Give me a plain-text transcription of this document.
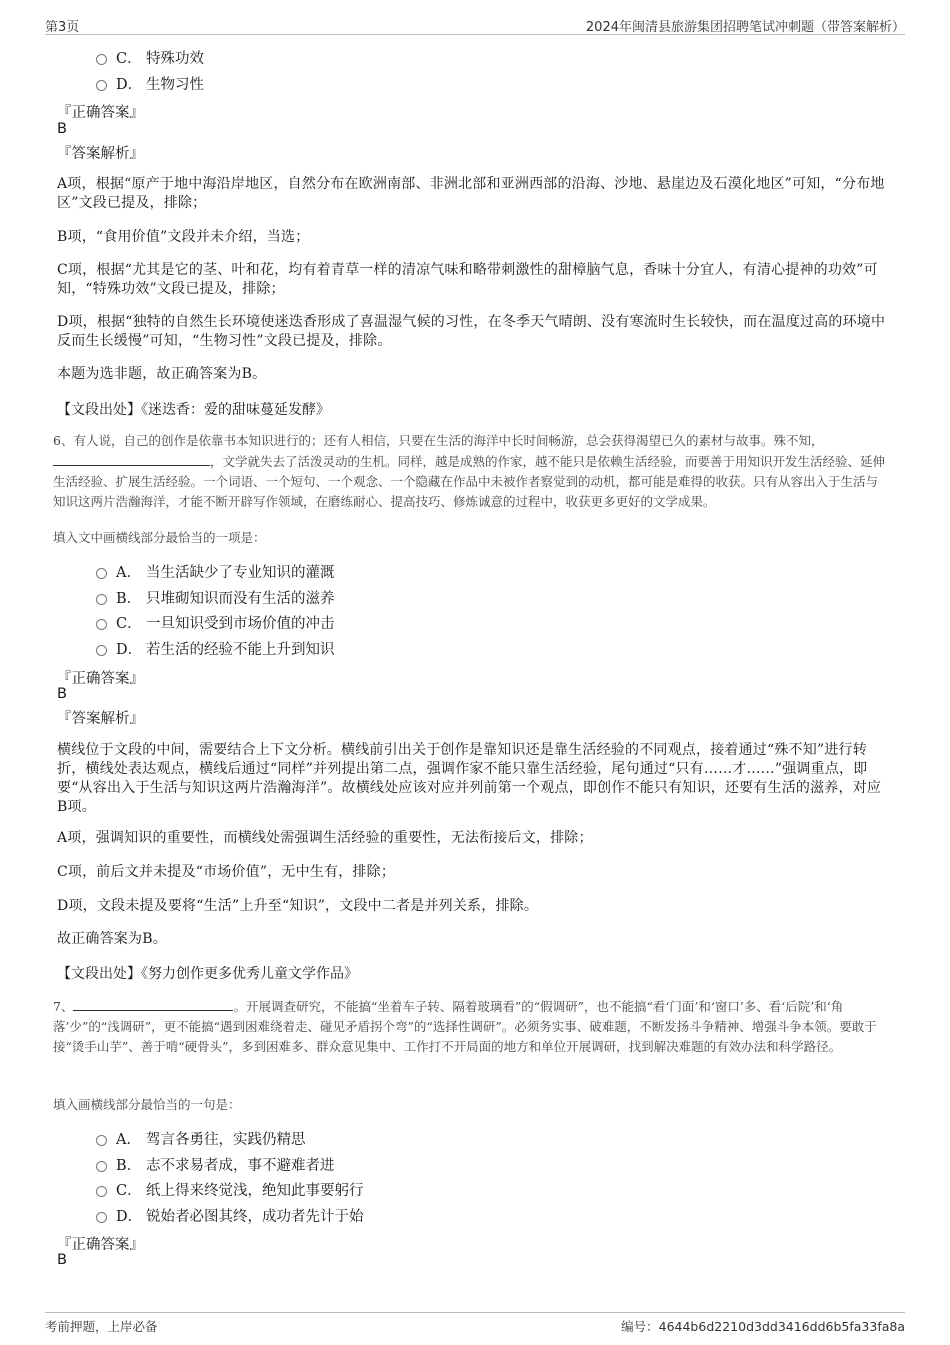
第3页	2024年闽清县旅游集团招聘笔试冲刺题（带答案解析）
C． 特殊功效
D． 生物习性
『正确答案』
B
『答案解析』

A项，根据“原产于地中海沿岸地区，自然分布在欧洲南部、非洲北部和亚洲西部的沿海、沙地、悬崖边及石漠化地区”可知，“分布地区”文段已提及，排除；

B项，“食用价值”文段并未介绍，当选；

C项，根据“尤其是它的茎、叶和花，均有着青草一样的清凉气味和略带刺激性的甜樟脑气息，香味十分宜人，有清心提神的功效”可知，“特殊功效”文段已提及，排除；

D项，根据“独特的自然生长环境使迷迭香形成了喜温湿气候的习性，在冬季天气晴朗、没有寒流时生长较快，而在温度过高的环境中反而生长缓慢”可知，“生物习性”文段已提及，排除。

本题为选非题，故正确答案为B。

【文段出处】《迷迭香：爱的甜味蔓延发酵》

6、有人说，自己的创作是依靠书本知识进行的；还有人相信，只要在生活的海洋中长时间畅游，总会获得渴望已久的素材与故事。殊不知，，文学就失去了活泼灵动的生机。同样，越是成熟的作家，越不能只是依赖生活经验，而要善于用知识开发生活经验、延伸生活经验、扩展生活经验。一个词语、一个短句、一个观念、一个隐藏在作品中未被作者察觉到的动机，都可能是难得的收获。只有从容出入于生活与知识这两片浩瀚海洋，才能不断开辟写作领域，在磨练耐心、提高技巧、修炼诚意的过程中，收获更多更好的文学成果。

填入文中画横线部分最恰当的一项是：
A． 当生活缺少了专业知识的灌溉
B． 只堆砌知识而没有生活的滋养
C． 一旦知识受到市场价值的冲击
D． 若生活的经验不能上升到知识
『正确答案』
B
『答案解析』

横线位于文段的中间，需要结合上下文分析。横线前引出关于创作是靠知识还是靠生活经验的不同观点，接着通过“殊不知”进行转折，横线处表达观点，横线后通过“同样”并列提出第二点，强调作家不能只靠生活经验，尾句通过“只有……才……”强调重点，即要“从容出入于生活与知识这两片浩瀚海洋”。故横线处应该对应并列前第一个观点，即创作不能只有知识，还要有生活的滋养，对应B项。

A项，强调知识的重要性，而横线处需强调生活经验的重要性，无法衔接后文，排除；

C项，前后文并未提及“市场价值”，无中生有，排除；

D项，文段未提及要将“生活”上升至“知识”，文段中二者是并列关系，排除。

故正确答案为B。

【文段出处】《努力创作更多优秀儿童文学作品》

7、	。开展调查研究，不能搞“坐着车子转、隔着玻璃看”的“假调研”，也不能搞“看‘门面’和‘窗口’多、看‘后院’和‘角落’少”的“浅调研”，更不能搞“遇到困难绕着走、碰见矛盾拐个弯”的“选择性调研”。必须务实事、破难题，不断发扬斗争精神、增强斗争本领。要敢于接“烫手山芋”、善于啃“硬骨头”，多到困难多、群众意见集中、工作打不开局面的地方和单位开展调研，找到解决难题的有效办法和科学路径。

填入画横线部分最恰当的一句是：
A． 驾言各勇往，实践仍精思
B． 志不求易者成，事不避难者进
C． 纸上得来终觉浅，绝知此事要躬行
D． 锐始者必图其终，成功者先计于始
『正确答案』
B
考前押题，上岸必备	编号：4644b6d2210d3dd3416dd6b5fa33fa8a
